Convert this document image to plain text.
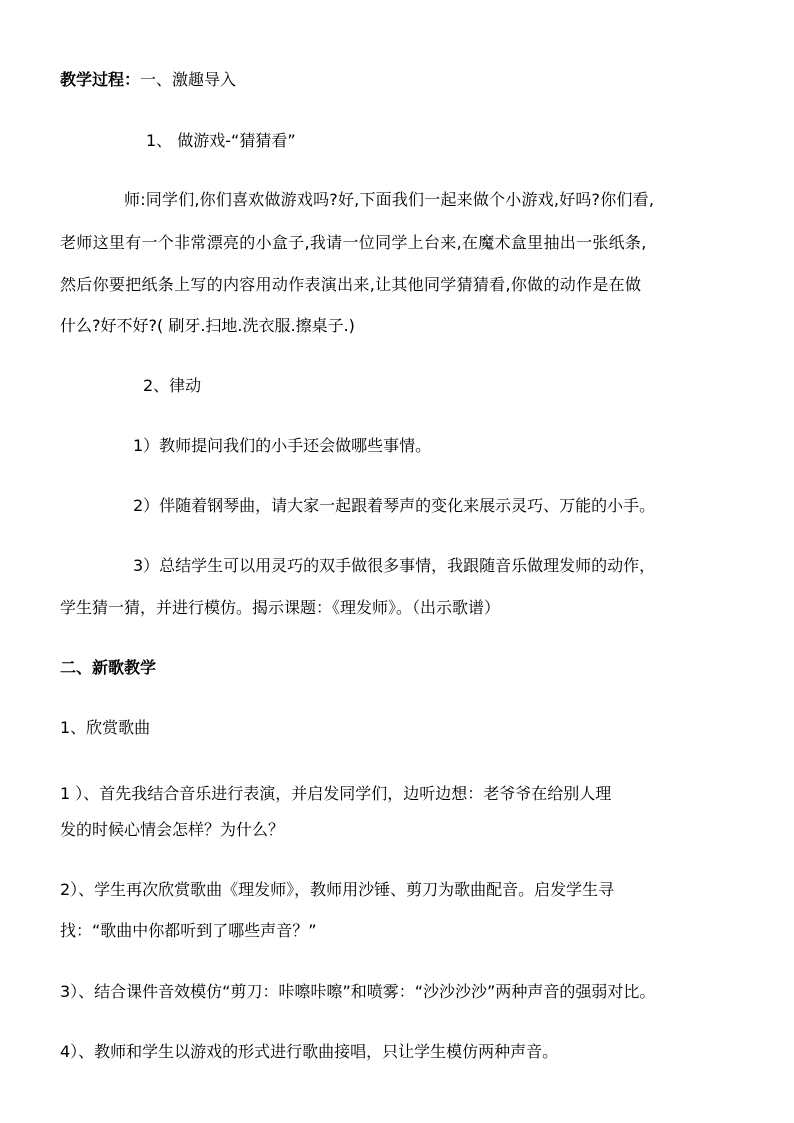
教学过程：一、激趣导入

1、 做游戏-“猜猜看”

师:同学们,你们喜欢做游戏吗?好,下面我们一起来做个小游戏,好吗?你们看,

老师这里有一个非常漂亮的小盒子,我请一位同学上台来,在魔术盒里抽出一张纸条,

然后你要把纸条上写的内容用动作表演出来,让其他同学猜猜看,你做的动作是在做

什么?好不好?( 刷牙.扫地.洗衣服.擦桌子.)

2、律动

1）教师提问我们的小手还会做哪些事情。

2）伴随着钢琴曲，请大家一起跟着琴声的变化来展示灵巧、万能的小手。

3）总结学生可以用灵巧的双手做很多事情，我跟随音乐做理发师的动作，

学生猜一猜，并进行模仿。揭示课题：《理发师》。（出示歌谱）

二、新歌教学

1、欣赏歌曲

1 ）、首先我结合音乐进行表演，并启发同学们，边听边想：老爷爷在给别人理

发的时候心情会怎样？为什么？

2）、学生再次欣赏歌曲《理发师》，教师用沙锤、剪刀为歌曲配音。启发学生寻

找：“歌曲中你都听到了哪些声音？”

3）、结合课件音效模仿“剪刀：咔嚓咔嚓”和喷雾：“沙沙沙沙”两种声音的强弱对比。

4）、教师和学生以游戏的形式进行歌曲接唱，只让学生模仿两种声音。
